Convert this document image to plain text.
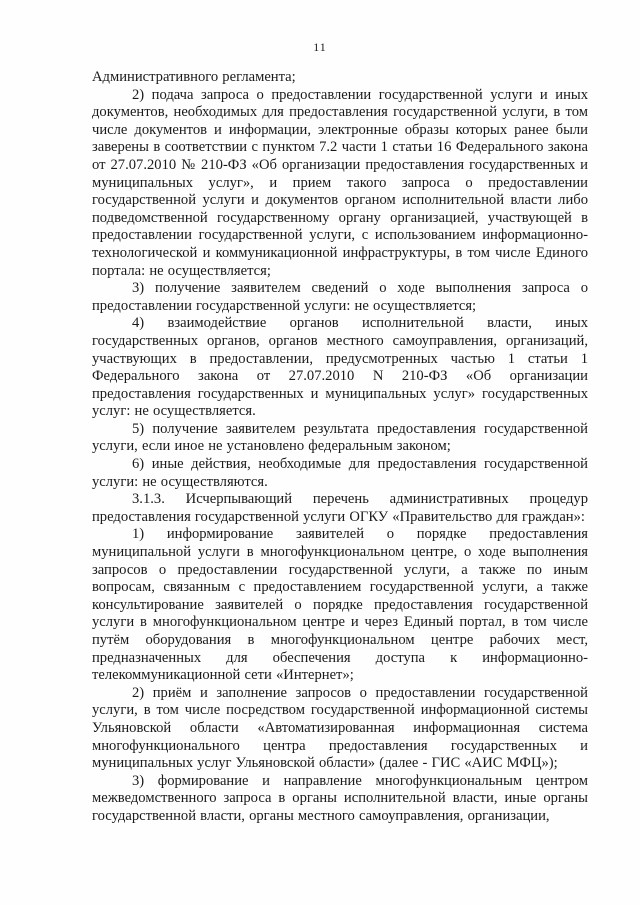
11

Административного регламента;

2) подача запроса о предоставлении государственной услуги и иных документов, необходимых для предоставления государственной услуги, в том числе документов и информации, электронные образы которых ранее были заверены в соответствии с пунктом 7.2 части 1 статьи 16 Федерального закона от 27.07.2010 № 210-ФЗ «Об организации предоставления государственных и муниципальных услуг», и прием такого запроса о предоставлении государственной услуги и документов органом исполнительной власти либо подведомственной государственному органу организацией, участвующей в предоставлении государственной услуги, с использованием информационно-технологической и коммуникационной инфраструктуры, в том числе Единого портала: не осуществляется;

3) получение заявителем сведений о ходе выполнения запроса о предоставлении государственной услуги: не осуществляется;

4) взаимодействие органов исполнительной власти, иных государственных органов, органов местного самоуправления, организаций, участвующих в предоставлении, предусмотренных частью 1 статьи 1 Федерального закона от 27.07.2010 N 210-ФЗ «Об организации предоставления государственных и муниципальных услуг» государственных услуг: не осуществляется.

5) получение заявителем результата предоставления государственной услуги, если иное не установлено федеральным законом;

6) иные действия, необходимые для предоставления государственной услуги: не осуществляются.

3.1.3. Исчерпывающий перечень административных процедур предоставления государственной услуги ОГКУ «Правительство для граждан»:

1) информирование заявителей о порядке предоставления муниципальной услуги в многофункциональном центре, о ходе выполнения запросов о предоставлении государственной услуги, а также по иным вопросам, связанным с предоставлением государственной услуги, а также консультирование заявителей о порядке предоставления государственной услуги в многофункциональном центре и через Единый портал, в том числе путём оборудования в многофункциональном центре рабочих мест, предназначенных для обеспечения доступа к информационно-телекоммуникационной сети «Интернет»;

2) приём и заполнение запросов о предоставлении государственной услуги, в том числе посредством государственной информационной системы Ульяновской области «Автоматизированная информационная система многофункционального центра предоставления государственных и муниципальных услуг Ульяновской области» (далее - ГИС «АИС МФЦ»);

3) формирование и направление многофункциональным центром межведомственного запроса в органы исполнительной власти, иные органы государственной власти, органы местного самоуправления, организации,
